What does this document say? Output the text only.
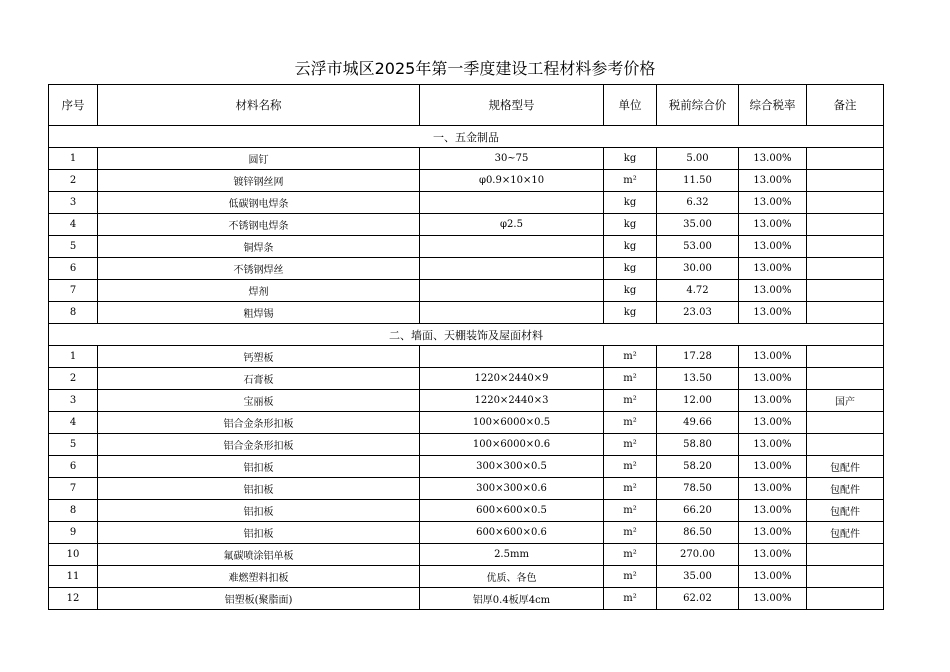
云浮市城区2025年第一季度建设工程材料参考价格
序号	材料名称	规格型号	单位	税前综合价	综合税率	备注
一、五金制品						
1	圆钉	30~75	kg	5.00	13.00%	
2	镀锌钢丝网	φ0.9×10×10	m²	11.50	13.00%	
3	低碳钢电焊条		kg	6.32	13.00%	
4	不锈钢电焊条	φ2.5	kg	35.00	13.00%	
5	铜焊条		kg	53.00	13.00%	
6	不锈钢焊丝		kg	30.00	13.00%	
7	焊剂		kg	4.72	13.00%	
8	粗焊锡		kg	23.03	13.00%	
二、墙面、天棚装饰及屋面材料						
1	钙塑板		m²	17.28	13.00%	
2	石膏板	1220×2440×9	m²	13.50	13.00%	
3	宝丽板	1220×2440×3	m²	12.00	13.00%	国产
4	铝合金条形扣板	100×6000×0.5	m²	49.66	13.00%	
5	铝合金条形扣板	100×6000×0.6	m²	58.80	13.00%	
6	铝扣板	300×300×0.5	m²	58.20	13.00%	包配件
7	铝扣板	300×300×0.6	m²	78.50	13.00%	包配件
8	铝扣板	600×600×0.5	m²	66.20	13.00%	包配件
9	铝扣板	600×600×0.6	m²	86.50	13.00%	包配件
10	氟碳喷涂铝单板	2.5mm	m²	270.00	13.00%	
11	难燃塑料扣板	优质、各色	m²	35.00	13.00%	
12	铝塑板(聚脂面)	铝厚0.4板厚4cm	m²	62.02	13.00%	
